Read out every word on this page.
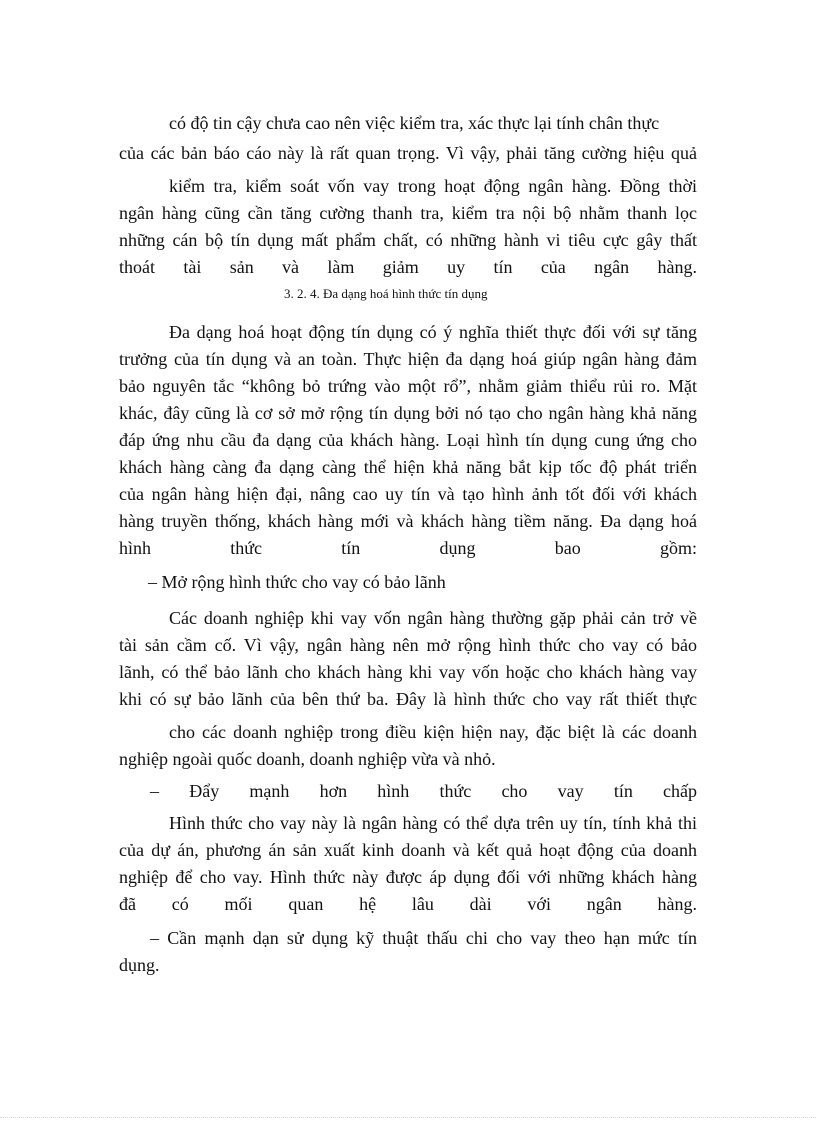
có độ tin cậy chưa cao nên việc kiểm tra, xác thực lại tính chân thực
của các bản báo cáo này là rất quan trọng. Vì vậy, phải tăng cường hiệu quả
kiểm tra, kiểm soát vốn vay trong hoạt động ngân hàng. Đồng thời
ngân hàng cũng cần tăng cường thanh tra, kiểm tra nội bộ nhằm thanh lọc
những cán bộ tín dụng mất phẩm chất, có những hành vi tiêu cực gây thất
thoát tài sản và làm giảm uy tín của ngân hàng.
3. 2. 4. Đa dạng hoá hình thức tín dụng
Đa dạng hoá hoạt động tín dụng có ý nghĩa thiết thực đối với sự tăng
trưởng của tín dụng và an toàn. Thực hiện đa dạng hoá giúp ngân hàng đảm
bảo nguyên tắc “không bỏ trứng vào một rổ”, nhằm giảm thiểu rủi ro. Mặt
khác, đây cũng là cơ sở mở rộng tín dụng bởi nó tạo cho ngân hàng khả năng
đáp ứng nhu cầu đa dạng của khách hàng. Loại hình tín dụng cung ứng cho
khách hàng càng đa dạng càng thể hiện khả năng bắt kịp tốc độ phát triển
của ngân hàng hiện đại, nâng cao uy tín và tạo hình ảnh tốt đối với khách
hàng truyền thống, khách hàng mới và khách hàng tiềm năng. Đa dạng hoá
hình thức tín dụng bao gồm:
– Mở rộng hình thức cho vay có bảo lãnh
Các doanh nghiệp khi vay vốn ngân hàng thường gặp phải cản trở về
tài sản cầm cố. Vì vậy, ngân hàng nên mở rộng hình thức cho vay có bảo
lãnh, có thể bảo lãnh cho khách hàng khi vay vốn hoặc cho khách hàng vay
khi có sự bảo lãnh của bên thứ ba. Đây là hình thức cho vay rất thiết thực
cho các doanh nghiệp trong điều kiện hiện nay, đặc biệt là các doanh
nghiệp ngoài quốc doanh, doanh nghiệp vừa và nhỏ.
– Đẩy mạnh hơn hình thức cho vay tín chấp
Hình thức cho vay này là ngân hàng có thể dựa trên uy tín, tính khả thi
của dự án, phương án sản xuất kinh doanh và kết quả hoạt động của doanh
nghiệp để cho vay. Hình thức này được áp dụng đối với những khách hàng
đã có mối quan hệ lâu dài với ngân hàng.
– Cần mạnh dạn sử dụng kỹ thuật thấu chi cho vay theo hạn mức tín
dụng.
